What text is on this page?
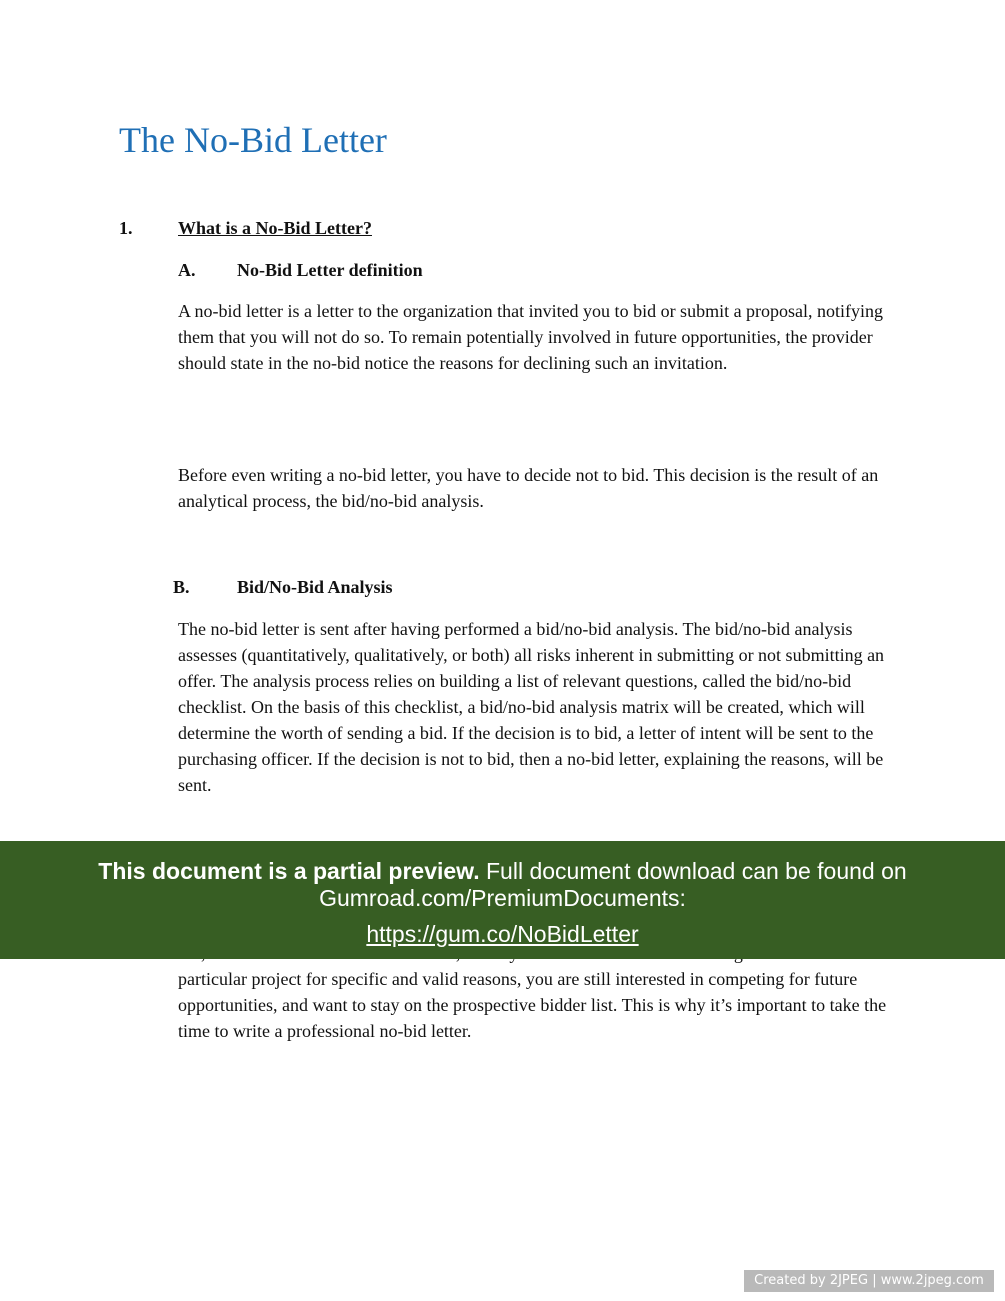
The No-Bid Letter
1.	What is a No-Bid Letter?
A. No-Bid Letter definition

A no-bid letter is a letter to the organization that invited you to bid or submit a proposal, notifying them that you will not do so. To remain potentially involved in future opportunities, the provider should state in the no-bid notice the reasons for declining such an invitation.

Before even writing a no-bid letter, you have to decide not to bid. This decision is the result of an analytical process, the bid/no-bid analysis.

B.	Bid/No-Bid Analysis

The no-bid letter is sent after having performed a bid/no-bid analysis. The bid/no-bid analysis assesses (quantitatively, qualitatively, or both) all risks inherent in submitting or not submitting an offer. The analysis process relies on building a list of relevant questions, called the bid/no-bid checklist. On the basis of this checklist, a bid/no-bid analysis matrix will be created, which will determine the worth of sending a bid. If the decision is to bid, a letter of intent will be sent to the purchasing officer. If the decision is not to bid, then a no-bid letter, explaining the reasons, will be sent.

particular project for specific and valid reasons, you are still interested in competing for future opportunities, and want to stay on the prospective bidder list. This is why it’s important to take the time to write a professional no-bid letter.
This document is a partial preview. Full document download can be found on
Gumroad.com/PremiumDocuments:
https://gum.co/NoBidLetter
Created by 2JPEG | www.2jpeg.com
